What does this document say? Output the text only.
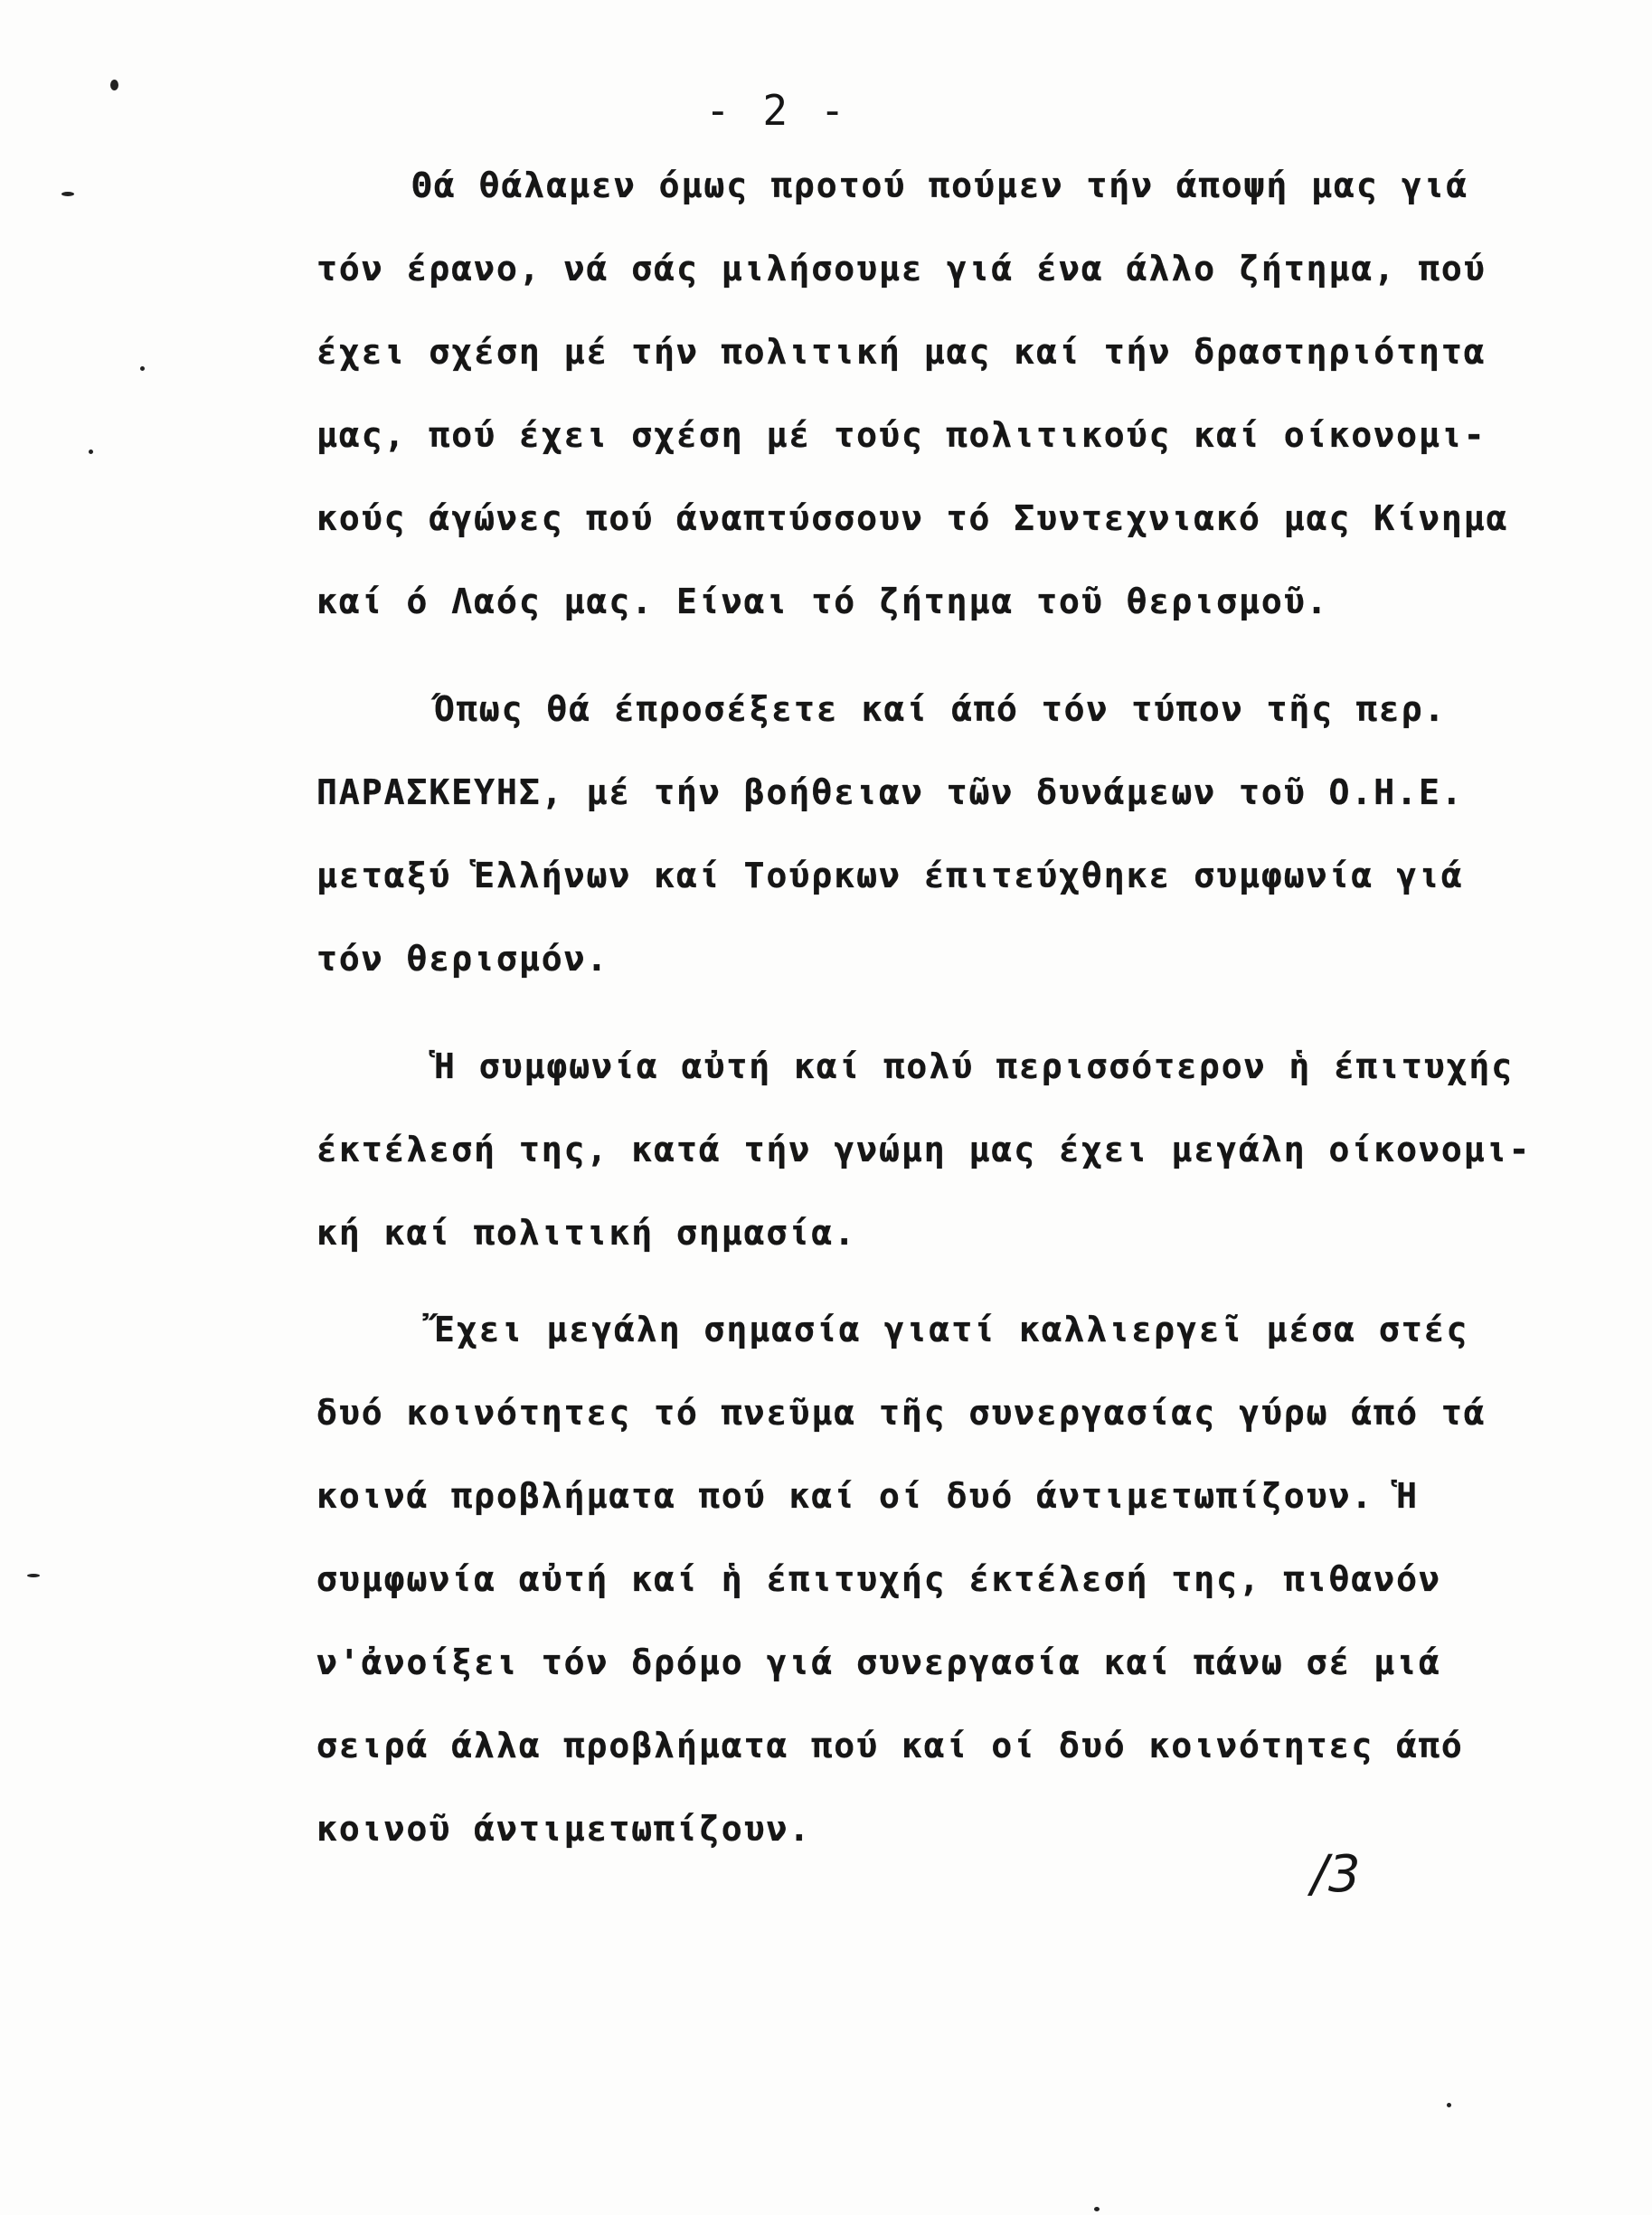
- 2 -
Θά θάλαμεν όμως προτού πούμεν τήν άποψή μας γιά
τόν έρανο, νά σάς μιλήσουμε γιά ένα άλλο ζήτημα, πού
έχει σχέση μέ τήν πολιτική μας καί τήν δραστηριότητα
μας, πού έχει σχέση μέ τούς πολιτικούς καί οίκονομι-
κούς άγώνες πού άναπτύσσουν τό Συντεχνιακό μας Κίνημα
καί ό Λαός μας. Είναι τό ζήτημα τοῦ θερισμοῦ.
Όπως θά έπροσέξετε καί άπό τόν τύπον τῆς περ.
ΠΑΡΑΣΚΕΥΗΣ, μέ τήν βοήθειαν τῶν δυνάμεων τοῦ Ο.Η.Ε.
μεταξύ Ἑλλήνων καί Τούρκων έπιτεύχθηκε συμφωνία γιά
τόν θερισμόν.
Ἡ συμφωνία αὐτή καί πολύ περισσότερον ἡ έπιτυχής
έκτέλεσή της, κατά τήν γνώμη μας έχει μεγάλη οίκονομι-
κή καί πολιτική σημασία.
Ἔχει μεγάλη σημασία γιατί καλλιεργεῖ μέσα στές
δυό κοινότητες τό πνεῦμα τῆς συνεργασίας γύρω άπό τά
κοινά προβλήματα πού καί οί δυό άντιμετωπίζουν. Ἡ
συμφωνία αὐτή καί ἡ έπιτυχής έκτέλεσή της, πιθανόν
ν'ἀνοίξει τόν δρόμο γιά συνεργασία καί πάνω σέ μιά
σειρά άλλα προβλήματα πού καί οί δυό κοινότητες άπό
κοινοῦ άντιμετωπίζουν.
/3
